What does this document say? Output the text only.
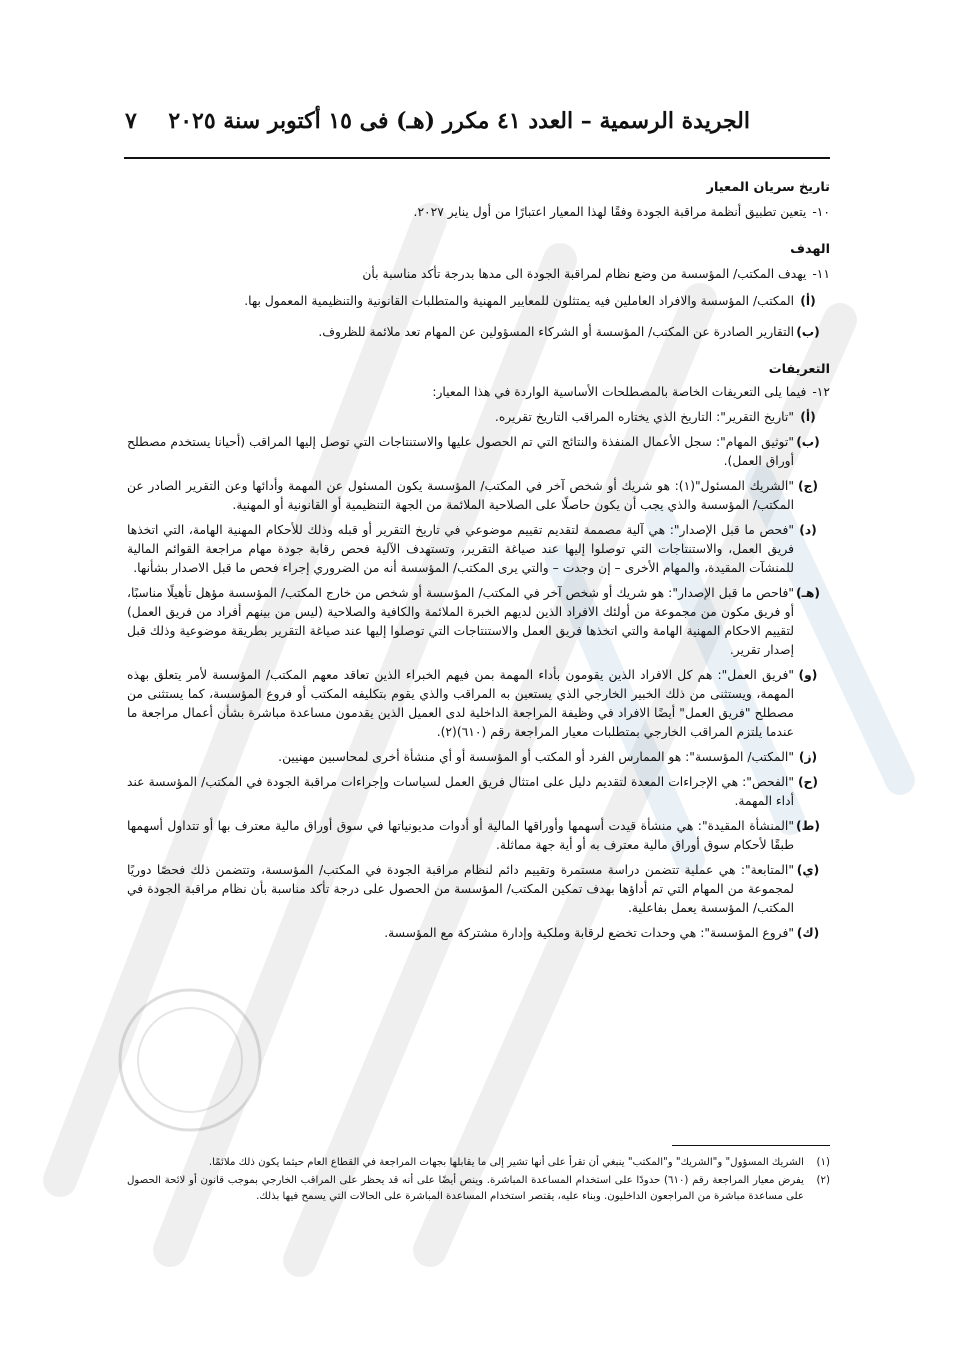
الجريدة الرسمية – العدد ٤١ مكرر (هـ) فى ١٥ أكتوبر سنة ٢٠٢٥
٧

تاريخ سريان المعيار

١٠-يتعين تطبيق أنظمة مراقبة الجودة وفقًا لهذا المعيار اعتبارًا من أول يناير ٢٠٢٧.

الهدف

١١-يهدف المكتب/ المؤسسة من وضع نظام لمراقبة الجودة الى مدها بدرجة تأكد مناسبة بأن

(أ)
المكتب/ المؤسسة والافراد العاملين فيه يمتثلون للمعايير المهنية والمتطلبات القانونية والتنظيمية المعمول بها.

(ب)
التقارير الصادرة عن المكتب/ المؤسسة أو الشركاء المسؤولين عن المهام تعد ملائمة للظروف.

التعريفات

١٢-فيما يلى التعريفات الخاصة بالمصطلحات الأساسية الواردة في هذا المعيار:

(أ)
"تاريخ التقرير": التاريخ الذي يختاره المراقب التاريخ تقريره.

(ب)
"توثيق المهام": سجل الأعمال المنفذة والنتائج التي تم الحصول عليها والاستنتاجات التي توصل إليها المراقب (أحيانا يستخدم مصطلح أوراق العمل).

(ج)
"الشريك المسئول"(١): هو شريك أو شخص آخر في المكتب/ المؤسسة يكون المسئول عن المهمة وأدائها وعن التقرير الصادر عن المكتب/ المؤسسة والذي يجب أن يكون حاصلًا على الصلاحية الملائمة من الجهة التنظيمية أو القانونية أو المهنية.

(د)
"فحص ما قبل الإصدار": هي آلية مصممة لتقديم تقييم موضوعي في تاريخ التقرير أو قبله وذلك للأحكام المهنية الهامة، التي اتخذها فريق العمل، والاستنتاجات التي توصلوا إليها عند صياغة التقرير، وتستهدف الآلية فحص رقابة جودة مهام مراجعة القوائم المالية للمنشآت المقيدة، والمهام الأخرى – إن وجدت – والتي يرى المكتب/ المؤسسة أنه من الضروري إجراء فحص ما قبل الاصدار بشأنها.

(هـ)
"فاحص ما قبل الإصدار": هو شريك أو شخص آخر في المكتب/ المؤسسة أو شخص من خارج المكتب/ المؤسسة مؤهل تأهيلًا مناسبًا، أو فريق مكون من مجموعة من أولئك الافراد الذين لديهم الخبرة الملائمة والكافية والصلاحية (ليس من بينهم أفراد من فريق العمل) لتقييم الاحكام المهنية الهامة والتي اتخذها فريق العمل والاستنتاجات التي توصلوا إليها عند صياغة التقرير بطريقة موضوعية وذلك قبل إصدار تقرير.

(و)
"فريق العمل": هم كل الافراد الذين يقومون بأداء المهمة بمن فيهم الخبراء الذين تعاقد معهم المكتب/ المؤسسة لأمر يتعلق بهذه المهمة، ويستثنى من ذلك الخبير الخارجي الذي يستعين به المراقب والذي يقوم بتكليفه المكتب أو فروع المؤسسة، كما يستثنى من مصطلح "فريق العمل" أيضًا الافراد في وظيفة المراجعة الداخلية لدى العميل الذين يقدمون مساعدة مباشرة بشأن أعمال مراجعة ما عندما يلتزم المراقب الخارجي بمتطلبات معيار المراجعة رقم (٦١٠)(٢).

(ز)
"المكتب/ المؤسسة": هو الممارس الفرد أو المكتب أو المؤسسة أو أي منشأة أخرى لمحاسبين مهنيين.

(ح)
"الفحص": هي الإجراءات المعدة لتقديم دليل على امتثال فريق العمل لسياسات وإجراءات مراقبة الجودة في المكتب/ المؤسسة عند أداء المهمة.

(ط)
"المنشأة المقيدة": هي منشأة قيدت أسهمها وأوراقها المالية أو أدوات مديونياتها في سوق أوراق مالية معترف بها أو تتداول أسهمها طبقًا لأحكام سوق أوراق مالية معترف به أو أية جهة مماثلة.

(ي)
"المتابعة": هي عملية تتضمن دراسة مستمرة وتقييم دائم لنظام مراقبة الجودة في المكتب/ المؤسسة، وتتضمن ذلك فحصًا دوريًا لمجموعة من المهام التي تم أداؤها بهدف تمكين المكتب/ المؤسسة من الحصول على درجة تأكد مناسبة بأن نظام مراقبة الجودة في المكتب/ المؤسسة يعمل بفاعلية.

(ك)
"فروع المؤسسة": هي وحدات تخضع لرقابة وملكية وإدارة مشتركة مع المؤسسة.

(١)
الشريك المسؤول" و"الشريك" و"المكتب" ينبغي أن تقرأ على أنها تشير إلى ما يقابلها بجهات المراجعة في القطاع العام حيثما يكون ذلك ملائمًا.

(٢)
يفرض معيار المراجعة رقم (٦١٠) حدودًا على استخدام المساعدة المباشرة. وينص أيضًا على أنه قد يحظر على المراقب الخارجي بموجب قانون أو لائحة الحصول على مساعدة مباشرة من المراجعون الداخليون. وبناء عليه، يقتصر استخدام المساعدة المباشرة على الحالات التي يسمح فيها بذلك.
